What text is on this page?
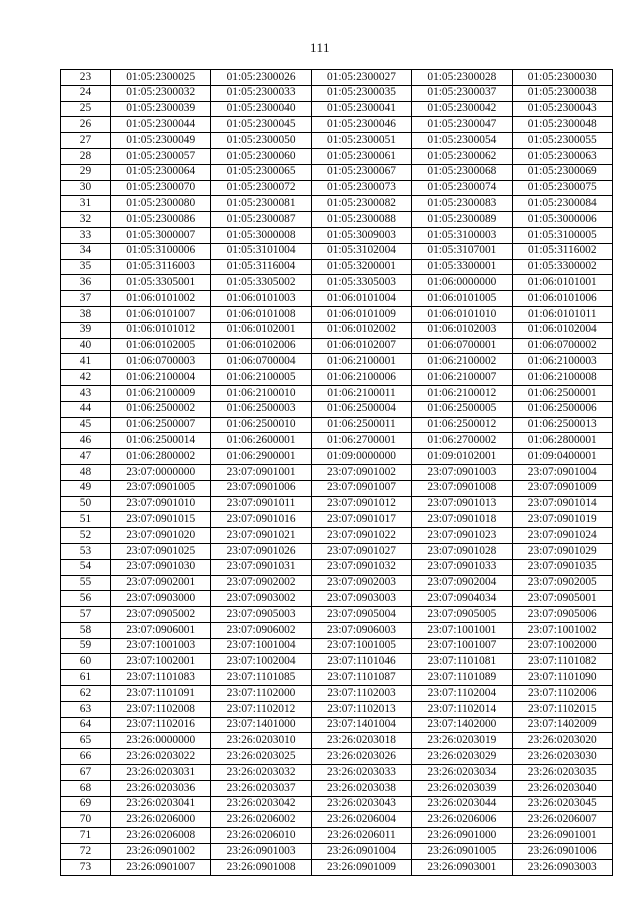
111
23	01:05:2300025	01:05:2300026	01:05:2300027	01:05:2300028	01:05:2300030
24	01:05:2300032	01:05:2300033	01:05:2300035	01:05:2300037	01:05:2300038
25	01:05:2300039	01:05:2300040	01:05:2300041	01:05:2300042	01:05:2300043
26	01:05:2300044	01:05:2300045	01:05:2300046	01:05:2300047	01:05:2300048
27	01:05:2300049	01:05:2300050	01:05:2300051	01:05:2300054	01:05:2300055
28	01:05:2300057	01:05:2300060	01:05:2300061	01:05:2300062	01:05:2300063
29	01:05:2300064	01:05:2300065	01:05:2300067	01:05:2300068	01:05:2300069
30	01:05:2300070	01:05:2300072	01:05:2300073	01:05:2300074	01:05:2300075
31	01:05:2300080	01:05:2300081	01:05:2300082	01:05:2300083	01:05:2300084
32	01:05:2300086	01:05:2300087	01:05:2300088	01:05:2300089	01:05:3000006
33	01:05:3000007	01:05:3000008	01:05:3009003	01:05:3100003	01:05:3100005
34	01:05:3100006	01:05:3101004	01:05:3102004	01:05:3107001	01:05:3116002
35	01:05:3116003	01:05:3116004	01:05:3200001	01:05:3300001	01:05:3300002
36	01:05:3305001	01:05:3305002	01:05:3305003	01:06:0000000	01:06:0101001
37	01:06:0101002	01:06:0101003	01:06:0101004	01:06:0101005	01:06:0101006
38	01:06:0101007	01:06:0101008	01:06:0101009	01:06:0101010	01:06:0101011
39	01:06:0101012	01:06:0102001	01:06:0102002	01:06:0102003	01:06:0102004
40	01:06:0102005	01:06:0102006	01:06:0102007	01:06:0700001	01:06:0700002
41	01:06:0700003	01:06:0700004	01:06:2100001	01:06:2100002	01:06:2100003
42	01:06:2100004	01:06:2100005	01:06:2100006	01:06:2100007	01:06:2100008
43	01:06:2100009	01:06:2100010	01:06:2100011	01:06:2100012	01:06:2500001
44	01:06:2500002	01:06:2500003	01:06:2500004	01:06:2500005	01:06:2500006
45	01:06:2500007	01:06:2500010	01:06:2500011	01:06:2500012	01:06:2500013
46	01:06:2500014	01:06:2600001	01:06:2700001	01:06:2700002	01:06:2800001
47	01:06:2800002	01:06:2900001	01:09:0000000	01:09:0102001	01:09:0400001
48	23:07:0000000	23:07:0901001	23:07:0901002	23:07:0901003	23:07:0901004
49	23:07:0901005	23:07:0901006	23:07:0901007	23:07:0901008	23:07:0901009
50	23:07:0901010	23:07:0901011	23:07:0901012	23:07:0901013	23:07:0901014
51	23:07:0901015	23:07:0901016	23:07:0901017	23:07:0901018	23:07:0901019
52	23:07:0901020	23:07:0901021	23:07:0901022	23:07:0901023	23:07:0901024
53	23:07:0901025	23:07:0901026	23:07:0901027	23:07:0901028	23:07:0901029
54	23:07:0901030	23:07:0901031	23:07:0901032	23:07:0901033	23:07:0901035
55	23:07:0902001	23:07:0902002	23:07:0902003	23:07:0902004	23:07:0902005
56	23:07:0903000	23:07:0903002	23:07:0903003	23:07:0904034	23:07:0905001
57	23:07:0905002	23:07:0905003	23:07:0905004	23:07:0905005	23:07:0905006
58	23:07:0906001	23:07:0906002	23:07:0906003	23:07:1001001	23:07:1001002
59	23:07:1001003	23:07:1001004	23:07:1001005	23:07:1001007	23:07:1002000
60	23:07:1002001	23:07:1002004	23:07:1101046	23:07:1101081	23:07:1101082
61	23:07:1101083	23:07:1101085	23:07:1101087	23:07:1101089	23:07:1101090
62	23:07:1101091	23:07:1102000	23:07:1102003	23:07:1102004	23:07:1102006
63	23:07:1102008	23:07:1102012	23:07:1102013	23:07:1102014	23:07:1102015
64	23:07:1102016	23:07:1401000	23:07:1401004	23:07:1402000	23:07:1402009
65	23:26:0000000	23:26:0203010	23:26:0203018	23:26:0203019	23:26:0203020
66	23:26:0203022	23:26:0203025	23:26:0203026	23:26:0203029	23:26:0203030
67	23:26:0203031	23:26:0203032	23:26:0203033	23:26:0203034	23:26:0203035
68	23:26:0203036	23:26:0203037	23:26:0203038	23:26:0203039	23:26:0203040
69	23:26:0203041	23:26:0203042	23:26:0203043	23:26:0203044	23:26:0203045
70	23:26:0206000	23:26:0206002	23:26:0206004	23:26:0206006	23:26:0206007
71	23:26:0206008	23:26:0206010	23:26:0206011	23:26:0901000	23:26:0901001
72	23:26:0901002	23:26:0901003	23:26:0901004	23:26:0901005	23:26:0901006
73	23:26:0901007	23:26:0901008	23:26:0901009	23:26:0903001	23:26:0903003
